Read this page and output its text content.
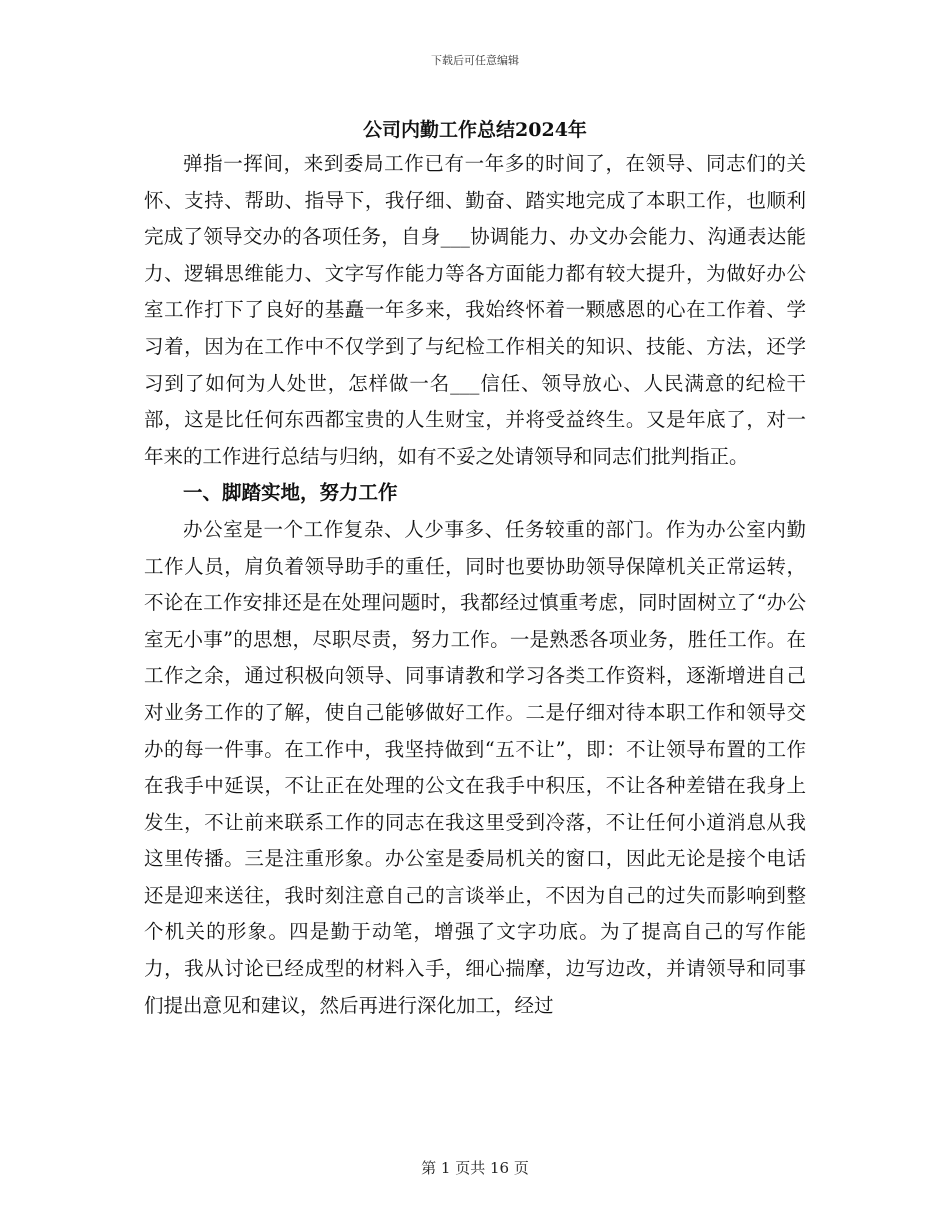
下载后可任意编辑
公司内勤工作总结2024年

弹指一挥间，来到委局工作已有一年多的时间了，在领导、同志们的关怀、支持、帮助、指导下，我仔细、勤奋、踏实地完成了本职工作，也顺利完成了领导交办的各项任务，自身___协调能力、办文办会能力、沟通表达能力、逻辑思维能力、文字写作能力等各方面能力都有较大提升，为做好办公室工作打下了良好的基矗一年多来，我始终怀着一颗感恩的心在工作着、学习着，因为在工作中不仅学到了与纪检工作相关的知识、技能、方法，还学习到了如何为人处世，怎样做一名___信任、领导放心、人民满意的纪检干部，这是比任何东西都宝贵的人生财宝，并将受益终生。又是年底了，对一年来的工作进行总结与归纳，如有不妥之处请领导和同志们批判指正。

一、脚踏实地，努力工作

办公室是一个工作复杂、人少事多、任务较重的部门。作为办公室内勤工作人员，肩负着领导助手的重任，同时也要协助领导保障机关正常运转，不论在工作安排还是在处理问题时，我都经过慎重考虑，同时固树立了“办公室无小事”的思想，尽职尽责，努力工作。一是熟悉各项业务，胜任工作。在工作之余，通过积极向领导、同事请教和学习各类工作资料，逐渐增进自己对业务工作的了解，使自己能够做好工作。二是仔细对待本职工作和领导交办的每一件事。在工作中，我坚持做到“五不让”，即：不让领导布置的工作在我手中延误，不让正在处理的公文在我手中积压，不让各种差错在我身上发生，不让前来联系工作的同志在我这里受到冷落，不让任何小道消息从我这里传播。三是注重形象。办公室是委局机关的窗口，因此无论是接个电话还是迎来送往，我时刻注意自己的言谈举止，不因为自己的过失而影响到整个机关的形象。四是勤于动笔，增强了文字功底。为了提高自己的写作能力，我从讨论已经成型的材料入手，细心揣摩，边写边改，并请领导和同事们提出意见和建议，然后再进行深化加工，经过

第 1 页共 16 页
